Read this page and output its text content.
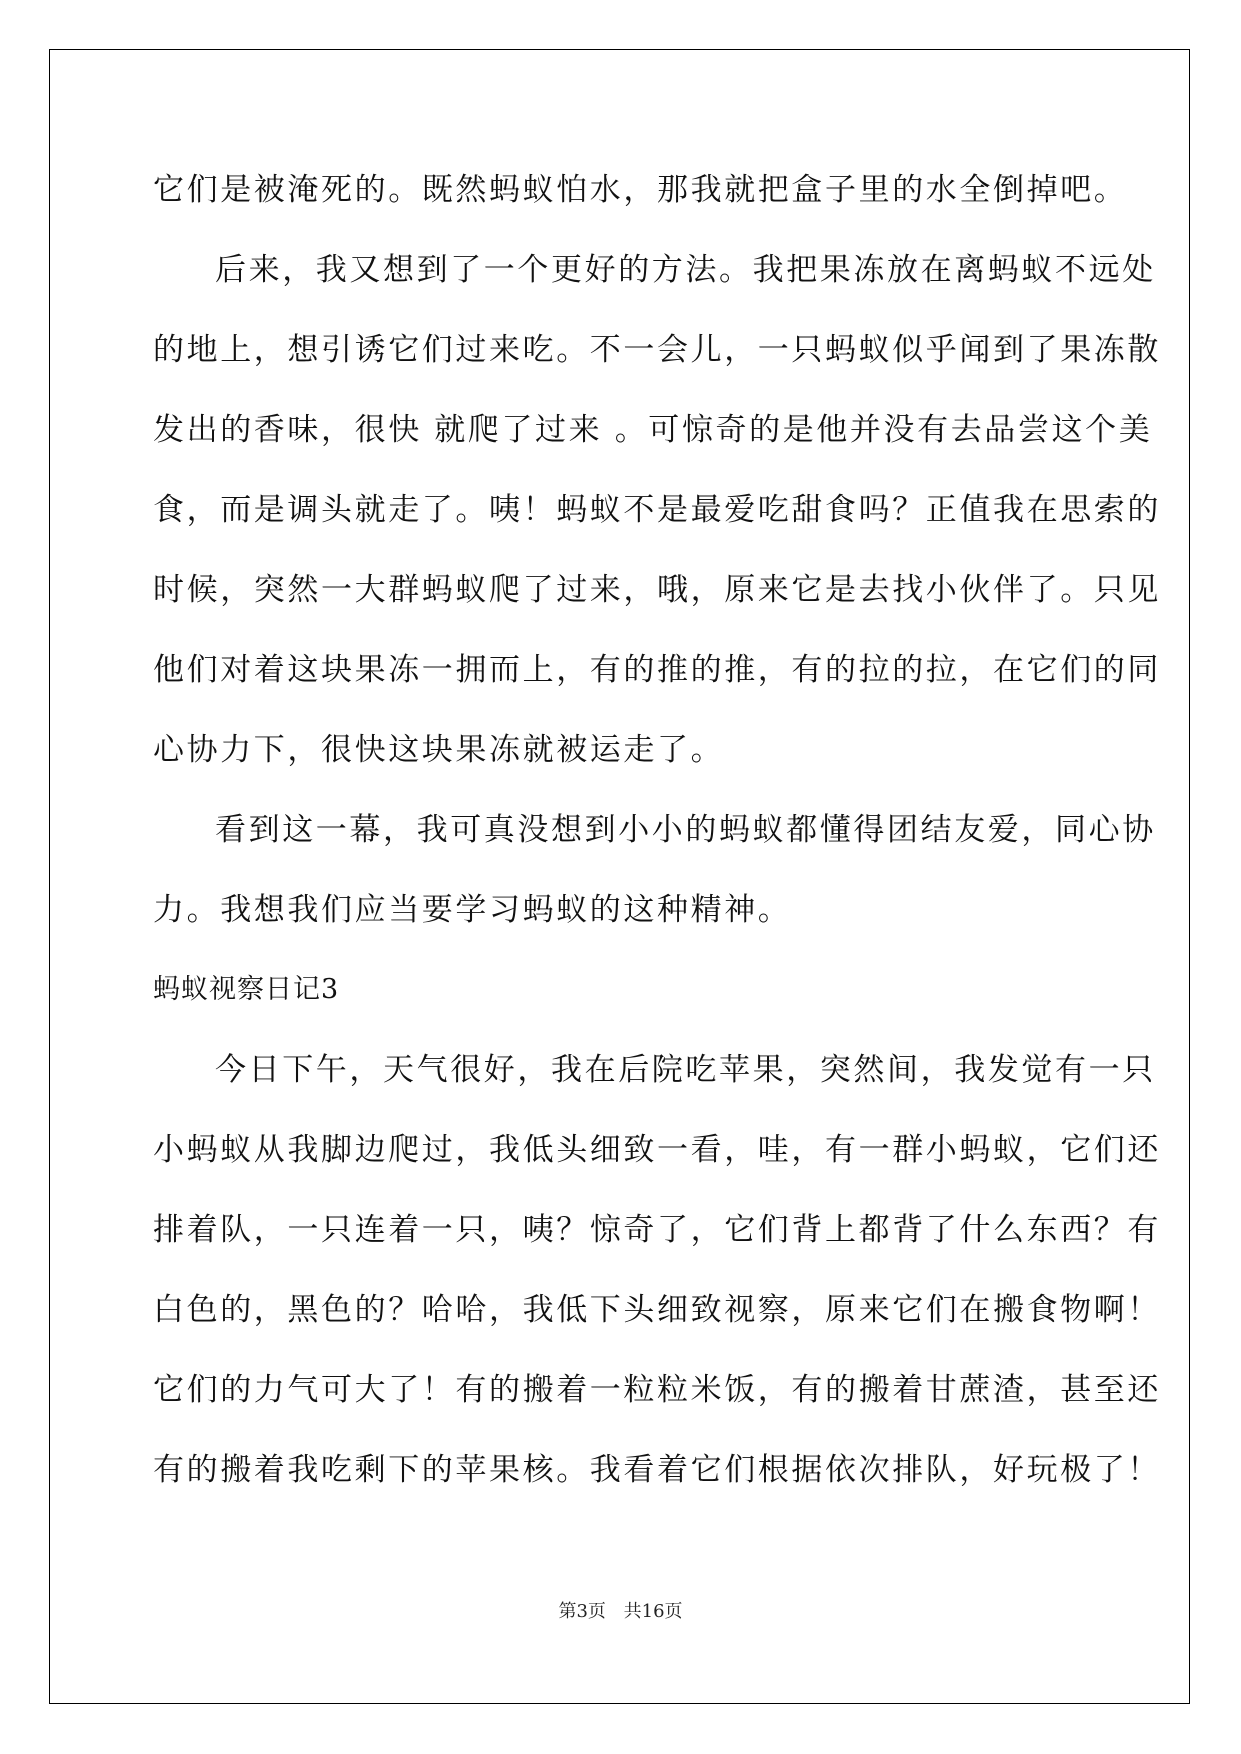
它们是被淹死的。既然蚂蚁怕水，那我就把盒子里的水全倒掉吧。

后来，我又想到了一个更好的方法。我把果冻放在离蚂蚁不远处

的地上，想引诱它们过来吃。不一会儿，一只蚂蚁似乎闻到了果冻散

发出的香味，很快 就爬了过来 。可惊奇的是他并没有去品尝这个美

食，而是调头就走了。咦！蚂蚁不是最爱吃甜食吗？正值我在思索的

时候，突然一大群蚂蚁爬了过来，哦，原来它是去找小伙伴了。只见

他们对着这块果冻一拥而上，有的推的推，有的拉的拉，在它们的同

心协力下，很快这块果冻就被运走了。

看到这一幕，我可真没想到小小的蚂蚁都懂得团结友爱，同心协

力。我想我们应当要学习蚂蚁的这种精神。

蚂蚁视察日记3

今日下午，天气很好，我在后院吃苹果，突然间，我发觉有一只

小蚂蚁从我脚边爬过，我低头细致一看，哇，有一群小蚂蚁，它们还

排着队，一只连着一只，咦？惊奇了，它们背上都背了什么东西？有

白色的，黑色的？哈哈，我低下头细致视察，原来它们在搬食物啊！

它们的力气可大了！有的搬着一粒粒米饭，有的搬着甘蔗渣，甚至还

有的搬着我吃剩下的苹果核。我看着它们根据依次排队，好玩极了！

第3页 共16页
